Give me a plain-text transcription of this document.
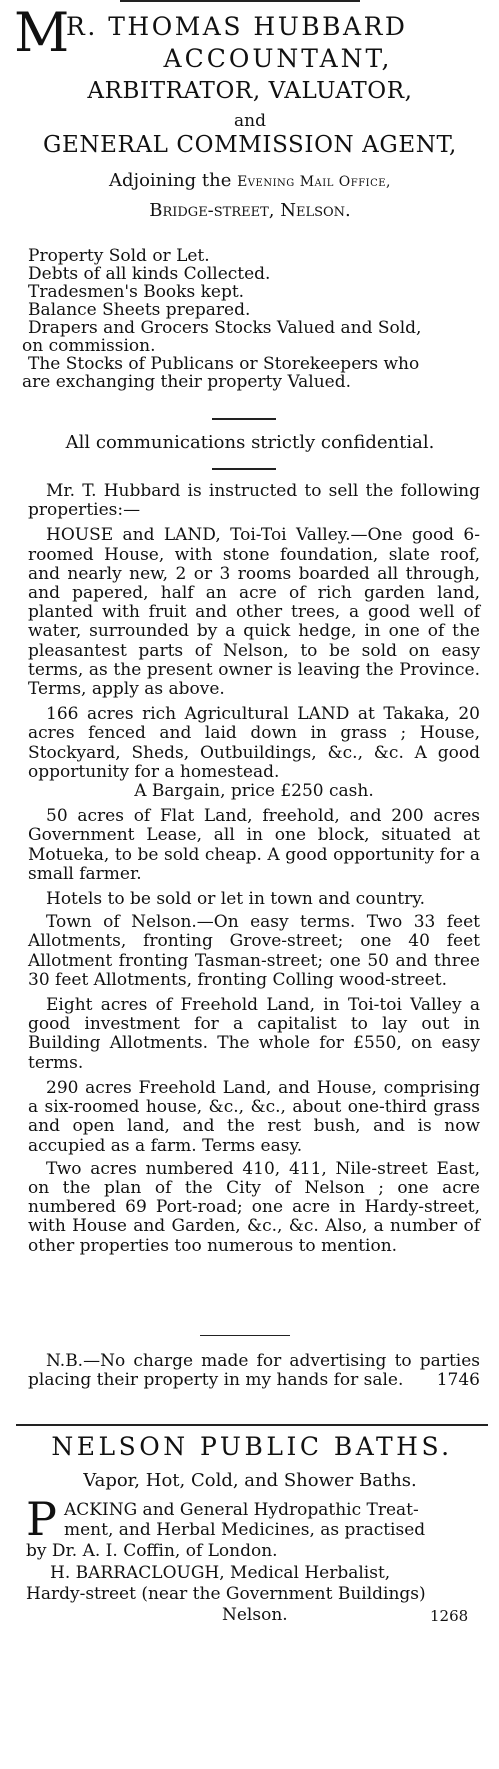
M
R. THOMAS HUBBARD
ACCOUNTANT,
ARBITRATOR, VALUATOR,
and
GENERAL COMMISSION AGENT,
Adjoining the Evening Mail Office,
Bridge-street, Nelson.

Property Sold or Let.

Debts of all kinds Collected.

Tradesmen's Books kept.

Balance Sheets prepared.

Drapers and Grocers Stocks Valued and Sold,

on commission.

The Stocks of Publicans or Storekeepers who

are exchanging their property Valued.

All communications strictly confidential.

Mr. T. Hubbard is instructed to sell the following properties:—

HOUSE and LAND, Toi-Toi Valley.—One good 6-roomed House, with stone foundation, slate roof, and nearly new, 2 or 3 rooms boarded all through, and papered, half an acre of rich garden land, planted with fruit and other trees, a good well of water, surrounded by a quick hedge, in one of the pleasantest parts of Nelson, to be sold on easy terms, as the present owner is leaving the Province. Terms, apply as above.

166 acres rich Agricultural LAND at Takaka, 20 acres fenced and laid down in grass ; House, Stockyard, Sheds, Outbuildings, &c., &c. A good opportunity for a homestead.

A Bargain, price £250 cash.

50 acres of Flat Land, freehold, and 200 acres Government Lease, all in one block, situated at Motueka, to be sold cheap. A good opportunity for a small farmer.

Hotels to be sold or let in town and country.

Town of Nelson.—On easy terms. Two 33 feet Allotments, fronting Grove-street; one 40 feet Allotment fronting Tasman-street; one 50 and three 30 feet Allotments, fronting Colling wood-street.

Eight acres of Freehold Land, in Toi-toi Valley a good investment for a capitalist to lay out in Building Allotments. The whole for £550, on easy terms.

290 acres Freehold Land, and House, comprising a six-roomed house, &c., &c., about one-third grass and open land, and the rest bush, and is now accupied as a farm. Terms easy.

Two acres numbered 410, 411, Nile-street East, on the plan of the City of Nelson ; one acre numbered 69 Port-road; one acre in Hardy-street, with House and Garden, &c., &c. Also, a number of other properties too numerous to mention.

N.B.—No charge made for advertising to parties placing their property in my hands for sale.	1746

NELSON PUBLIC BATHS.
Vapor, Hot, Cold, and Shower Baths.
P ACKING and General Hydropathic Treat-
ment, and Herbal Medicines, as practised
by Dr. A. I. Coffin, of London.
H. BARRACLOUGH, Medical Herbalist,
Hardy-street (near the Government Buildings)
Nelson.	1268
